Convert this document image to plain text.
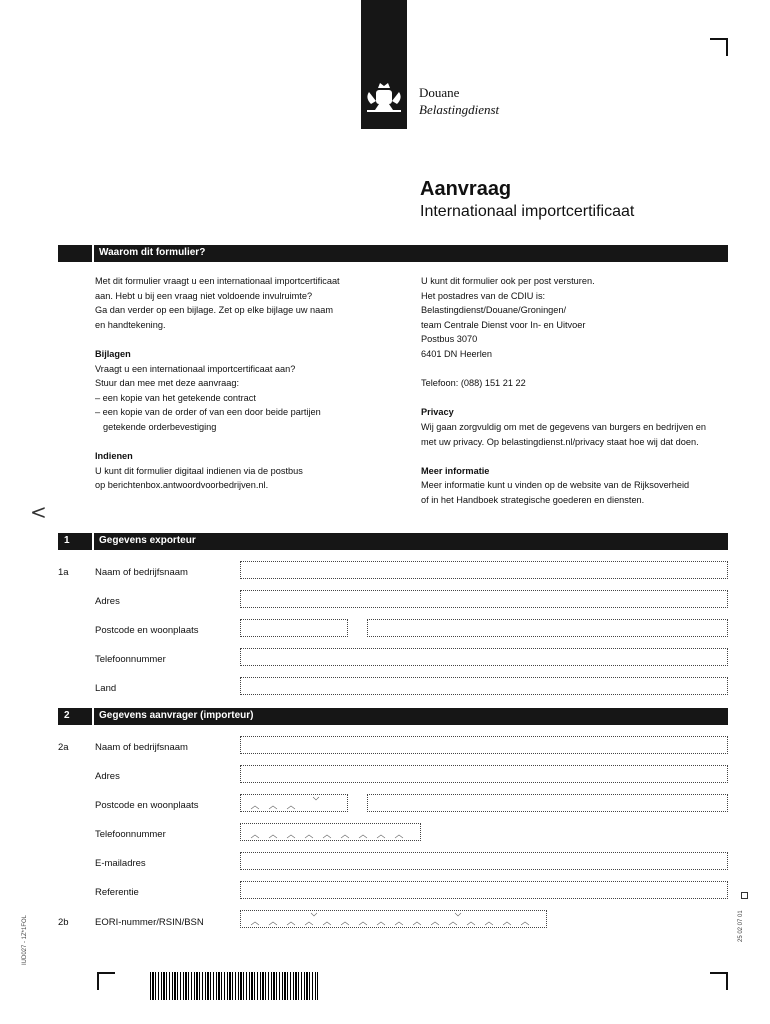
Douane
Belastingdienst
Aanvraag
Internationaal importcertificaat
Waarom dit formulier?

Met dit formulier vraagt u een internationaal importcertificaat

aan. Hebt u bij een vraag niet voldoende invulruimte?

Ga dan verder op een bijlage. Zet op elke bijlage uw naam

en handtekening.

Bijlagen

Vraagt u een internationaal importcertificaat aan?

Stuur dan mee met deze aanvraag:

– een kopie van het getekende contract

– een kopie van de order of van een door beide partijen

getekende orderbevestiging

Indienen

U kunt dit formulier digitaal indienen via de postbus

op berichtenbox.antwoordvoorbedrijven.nl.

U kunt dit formulier ook per post versturen.

Het postadres van de CDIU is:

Belastingdienst/Douane/Groningen/

team Centrale Dienst voor In- en Uitvoer

Postbus 3070

6401 DN Heerlen

Telefoon: (088) 151 21 22

Privacy

Wij gaan zorgvuldig om met de gegevens van burgers en bedrijven en

met uw privacy. Op belastingdienst.nl/privacy staat hoe wij dat doen.

Meer informatie

Meer informatie kunt u vinden op de website van de Rijksoverheid

of in het Handboek strategische goederen en diensten.

<
1	Gegevens exporteur
1a	Naam of bedrijfsnaam
Adres
Postcode en woonplaats
Telefoonnummer
Land
2	Gegevens aanvrager (importeur)
2a	Naam of bedrijfsnaam
Adres
Postcode en woonplaats
Telefoonnummer
E-mailadres
Referentie
2b	EORI-nummer/RSIN/BSN
IUD027 - 1Z*1FOL	25 02 07 01
